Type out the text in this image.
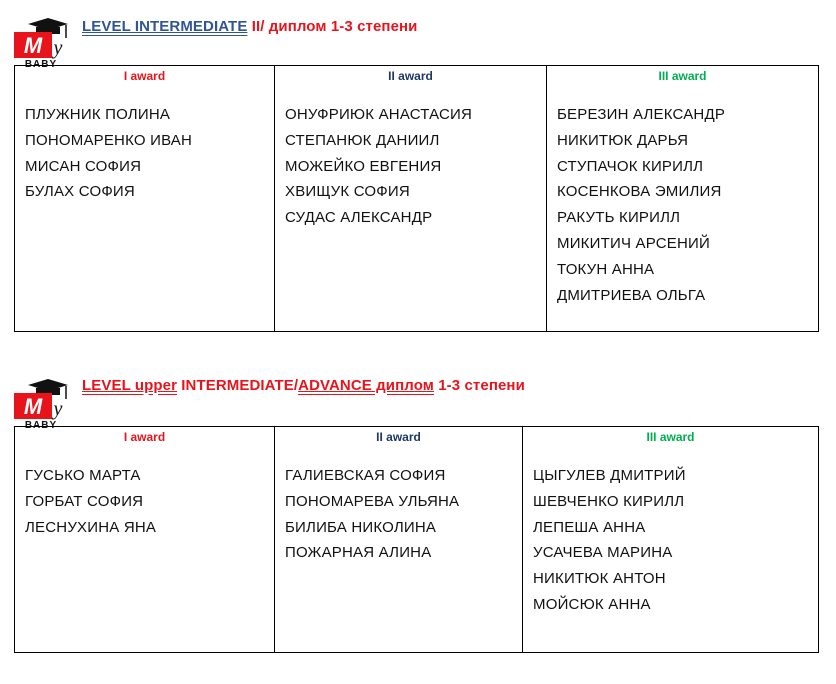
M y
BABY
LEVEL INTERMEDIATE II/ диплом 1-3 степени
I award
ПЛУЖНИК ПОЛИНА
ПОНОМАРЕНКО ИВАН
МИСАН СОФИЯ
БУЛАХ СОФИЯ

II award
ОНУФРИЮК АНАСТАСИЯ
СТЕПАНЮК ДАНИИЛ
МОЖЕЙКО ЕВГЕНИЯ
ХВИЩУК СОФИЯ
СУДАС АЛЕКСАНДР

III award
БЕРЕЗИН АЛЕКСАНДР
НИКИТЮК ДАРЬЯ
СТУПАЧОК КИРИЛЛ
КОСЕНКОВА ЭМИЛИЯ
РАКУТЬ КИРИЛЛ
МИКИТИЧ АРСЕНИЙ
ТОКУН АННА
ДМИТРИЕВА ОЛЬГА
M y
BABY
LEVEL upper INTERMEDIATE/ADVANCE диплом 1-3 степени
I award
ГУСЬКО МАРТА
ГОРБАТ СОФИЯ
ЛЕСНУХИНА ЯНА

II award
ГАЛИЕВСКАЯ СОФИЯ
ПОНОМАРЕВА УЛЬЯНА
БИЛИБА НИКОЛИНА
ПОЖАРНАЯ АЛИНА

III award
ЦЫГУЛЕВ ДМИТРИЙ
ШЕВЧЕНКО КИРИЛЛ
ЛЕПЕША АННА
УСАЧЕВА МАРИНА
НИКИТЮК АНТОН
МОЙСЮК АННА
